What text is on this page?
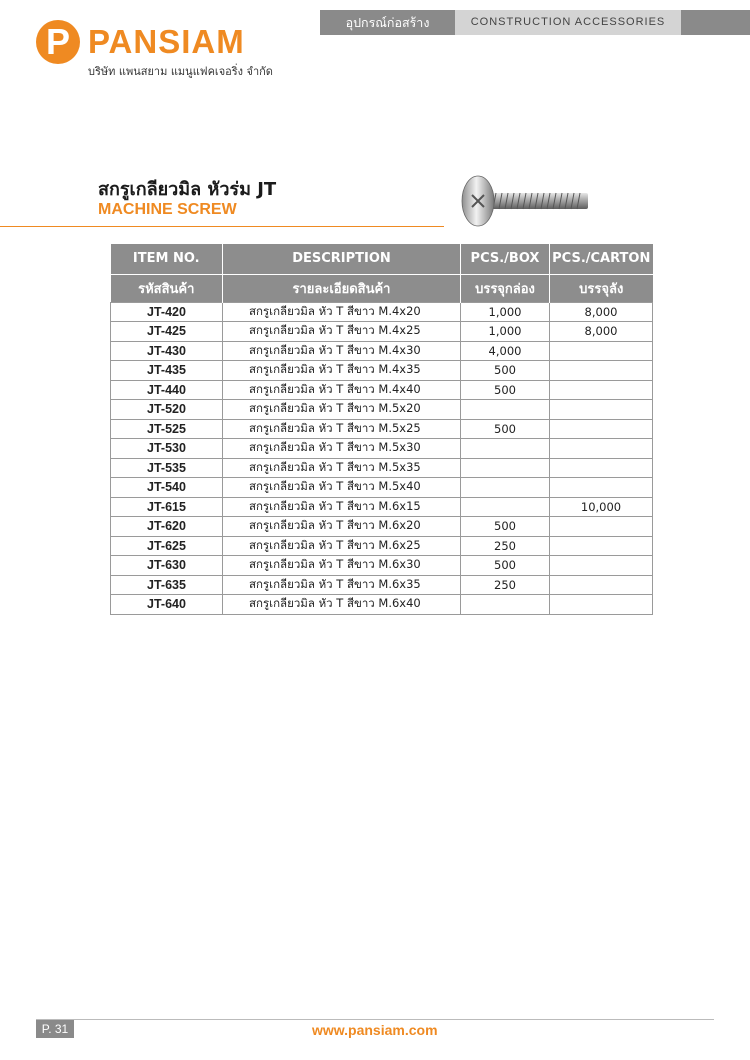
P PANSIAM
บริษัท แพนสยาม แมนูแฟคเจอริ่ง จำกัด
อุปกรณ์ก่อสร้าง	CONSTRUCTION ACCESSORIES
สกรูเกลียวมิล หัวร่ม JT
MACHINE SCREW
ITEM NO.	DESCRIPTION	PCS./BOX	PCS./CARTON
รหัสสินค้า	รายละเอียดสินค้า	บรรจุกล่อง	บรรจุลัง
JT-420	สกรูเกลียวมิล หัว T สีขาว M.4x20	1,000	8,000
JT-425	สกรูเกลียวมิล หัว T สีขาว M.4x25	1,000	8,000
JT-430	สกรูเกลียวมิล หัว T สีขาว M.4x30	4,000	
JT-435	สกรูเกลียวมิล หัว T สีขาว M.4x35	500	
JT-440	สกรูเกลียวมิล หัว T สีขาว M.4x40	500	
JT-520	สกรูเกลียวมิล หัว T สีขาว M.5x20		
JT-525	สกรูเกลียวมิล หัว T สีขาว M.5x25	500	
JT-530	สกรูเกลียวมิล หัว T สีขาว M.5x30		
JT-535	สกรูเกลียวมิล หัว T สีขาว M.5x35		
JT-540	สกรูเกลียวมิล หัว T สีขาว M.5x40		
JT-615	สกรูเกลียวมิล หัว T สีขาว M.6x15		10,000
JT-620	สกรูเกลียวมิล หัว T สีขาว M.6x20	500	
JT-625	สกรูเกลียวมิล หัว T สีขาว M.6x25	250	
JT-630	สกรูเกลียวมิล หัว T สีขาว M.6x30	500	
JT-635	สกรูเกลียวมิล หัว T สีขาว M.6x35	250	
JT-640	สกรูเกลียวมิล หัว T สีขาว M.6x40		
P. 31	www.pansiam.com
